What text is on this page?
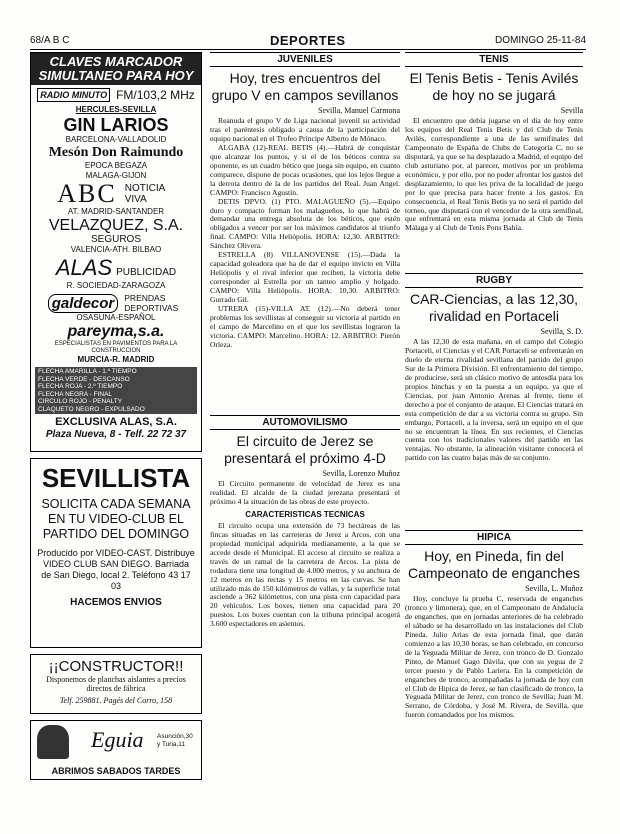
68/A B C	DEPORTES	DOMINGO 25-11-84
CLAVES MARCADOR
SIMULTANEO PARA HOY
RADIO MINUTO FM/103,2 MHz
HERCULES-SEVILLA
GIN LARIOS
BARCELONA-VALLADOLID
Mesón Don Raimundo
EPOCA BEGAZA
MALAGA-GIJON
ABC NOTICIA VIVA
AT. MADRID-SANTANDER
VELAZQUEZ, S.A.
SEGUROS
VALENCIA-ATH. BILBAO
ALAS PUBLICIDAD
R. SOCIEDAD-ZARAGOZA
galdecor	PRENDAS DEPORTIVAS
OSASUNA-ESPAÑOL
pareyma,s.a.
ESPECIALISTAS EN PAVIMENTOS PARA LA CONSTRUCCION
MURCIA-R. MADRID
FLECHA AMARILLA - 1.º TIEMPO
FLECHA VERDE - DESCANSO
FLECHA ROJA - 2.º TIEMPO
FLECHA NEGRA - FINAL
CIRCULO ROJO - PENALTY
CLAQUETO NEGRO - EXPULSADO
EXCLUSIVA ALAS, S.A.
Plaza Nueva, 8 - Telf. 22 72 37
SEVILLISTA
SOLICITA CADA SEMANA EN TU VIDEO-CLUB EL PARTIDO DEL DOMINGO
Producido por VIDEO-CAST. Distribuye VIDEO CLUB SAN DIEGO. Barriada de San Diego, local 2. Teléfono 43 17 03
HACEMOS ENVIOS
¡¡CONSTRUCTOR!!
Disponemos de planchas aislantes a precios directos de fábrica
Telf. 259881. Pagés del Corro, 158
Eguia Asunción,30 y Turia,11
ABRIMOS SABADOS TARDES
JUVENILES
Hoy, tres encuentros del grupo V en campos sevillanos
Sevilla, Manuel Carmona

Reanuda el grupo V de Liga nacional juvenil su actividad tras el paréntesis obligado a causa de la participación del equipo nacional en el Trofeo Príncipe Alberto de Mónaco.

ALGABA (12)-REAL BETIS (4).—Habrá de conquistar que alcanzar los puntos, y si el de los béticos contra su oponente, es un cuadro bético que juega sin equipo, en cuanto comparece, dispone de pocas ocasiones, que los lejos llegue a la derrota dentro de la de los partidos del Real. Juan Angel. CAMPO: Francisco Agustín.

DETIS DPVO. (1) PTO. MALAGUEÑO (5).—Equipo duro y compacto forman los malagueños, lo que habrá de demandar una entrega absoluta de los béticos, que estén obligados a vencer por ser los máximos candidatos al triunfo final. CAMPO: Villa Heliópolis. HORA: 12,30. ARBITRO: Sánchez Olivera.

ESTRELLA (8) VILLANOVENSE (15).—Dada la capacidad goleadora que ha de dar el equipo invicto en Villa Heliópolis y el rival inferior que reciben, la victoria debe corresponder al Estrella por un tanteo amplio y holgado. CAMPO: Villa Heliópolis. HORA: 10,30. ARBITRO: Gurrado Gil.

UTRERA (15)-VILLA AT. (12).—No deberá tener problemas los sevillistas al conseguir su victoria al partido en el campo de Marcelino en el que los sevillistas lograron la victoria. CAMPO: Marcelino. HORA: 12. ARBITRO: Pierón Orleza.

AUTOMOVILISMO
El circuito de Jerez se presentará el próximo 4-D
Sevilla, Lorenzo Muñoz

El Circuito permanente de velocidad de Jerez es una realidad. El alcalde de la ciudad jerezana presentará el próximo 4 la situación de las obras de este proyecto.

CARACTERISTICAS TECNICAS

El circuito ocupa una extensión de 73 hectáreas de las fincas situadas en las carreteras de Jerez a Arcos, con una propiedad municipal adquirida medianamente, a la que se accede desde el Municipal. El acceso al circuito se realiza a través de un ramal de la carretera de Arcos. La pista de rodadura tiene una longitud de 4.000 metros, y su anchura de 12 metros en las rectas y 15 metros en las curvas. Se han utilizado más de 150 kilómetros de vallas, y la superficie total asciende a 362 kilómetros, con una pista con capacidad para 20 vehículos. Los boxes, tienen una capacidad para 20 puestos. Los boxes cuentan con la tribuna principal acogerá 3.600 espectadores en asientos.

TENIS
El Tenis Betis - Tenis Avilés de hoy no se jugará
Sevilla

El encuentro que debía jugarse en el día de hoy entre los equipos del Real Tenis Betis y del Club de Tenis Avilés, correspondiente a una de las semifinales del Campeonato de España de Clubs de Categoría C, no se disputará, ya que se ha desplazado a Madrid, el equipo del club asturiano por, al parecer, motivos por un problema económico, y por ello, por no poder afrontar los gastos del desplazamiento, lo que les priva de la localidad de juego por lo que precisa para hacer frente a los gastos. En consecuencia, el Real Tenis Betis ya no será el partido del torneo, que disputará con el vencedor de la otra semifinal, que enfrentará en esta misma jornada al Club de Tenis Málaga y al Club de Tenis Pons Bahía.

RUGBY
CAR-Ciencias, a las 12,30, rivalidad en Portaceli
Sevilla, S. D.

A las 12,30 de esta mañana, en el campo del Colegio Portaceli, el Ciencias y el CAR Portaceli se enfrentarán en duelo de eterna rivalidad sevillana del partido del grupo Sur de la Primera División. El enfrentamiento del tiempo, de producirse, será un clásico motivo de antesdía para los propios hinchas y en la puesta a un equipo, ya que el Ciencias, por juan Antonio Arenas al frente, tiene el derecho a por el conjunto de ataque. El Ciencias tratará en esta competición de dar a su victoria contra su grupo. Sin embargo, Portaceli, a la inversa, será un equipo en el que no se encuentran la línea. En sus recientes, el Ciencias cuenta con los tradicionales valores del partido en las ventajas. No obstante, la alineación visitante conocerá el partido con las cuatro bajas más de su conjunto.

HIPICA
Hoy, en Pineda, fin del Campeonato de enganches
Sevilla, L. Muñoz

Hoy, concluye la prueba C, reservada de enganches (tronco y limonera), que, en el Campeonato de Andalucía de enganches, que en jornadas anteriores de ha celebrado el sábado se ha desarrollado en las instalaciones del Club Pineda. Julio Arias de esta jornada final, que darán comienzo a las 10,30 horas, se han celebrado, en concurso de la Yeguada Militar de Jerez, con tronco de D. Gonzalo Pinto, de Manuel Gago Dávila, que con su yegua de 2 tercer puesto y de Pablo Lariera. En la competición de enganches de tronco, acompañadas la jornada de hoy con el Club de Hipica de Jerez, se han clasificado de tronco, la Yeguada Militar de Jerez, con tronco de Sevilla; Juan M. Serrano, de Córdoba, y José M. Rivera, de Sevilla, que fueron comandados por los mismos.
